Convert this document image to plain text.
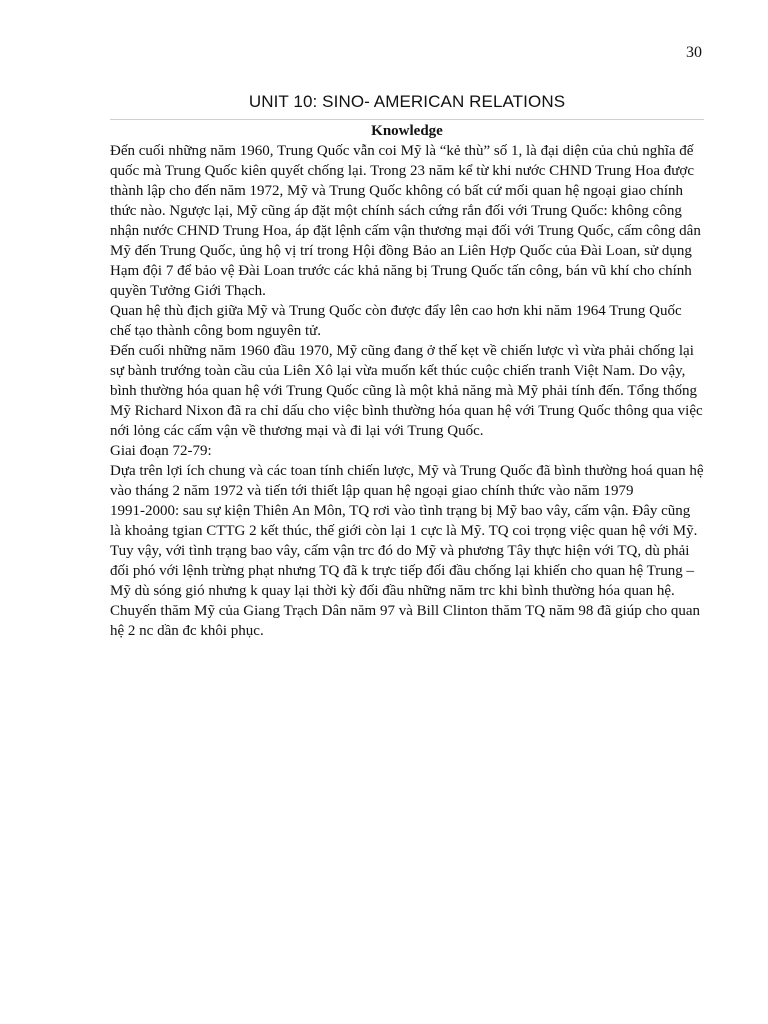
30
UNIT 10: SINO- AMERICAN RELATIONS

Knowledge

Đến cuối những năm 1960, Trung Quốc vẫn coi Mỹ là “kẻ thù” số 1, là đại diện của chủ nghĩa đế quốc mà Trung Quốc kiên quyết chống lại. Trong 23 năm kể từ khi nước CHND Trung Hoa được thành lập cho đến năm 1972, Mỹ và Trung Quốc không có bất cứ mối quan hệ ngoại giao chính thức nào. Ngược lại, Mỹ cũng áp đặt một chính sách cứng rắn đối với Trung Quốc: không công nhận nước CHND Trung Hoa, áp đặt lệnh cấm vận thương mại đối với Trung Quốc, cấm công dân Mỹ đến Trung Quốc, ủng hộ vị trí trong Hội đồng Bảo an Liên Hợp Quốc của Đài Loan, sử dụng Hạm đội 7 để bảo vệ Đài Loan trước các khả năng bị Trung Quốc tấn công, bán vũ khí cho chính quyền Tưởng Giới Thạch.

Quan hệ thù địch giữa Mỹ và Trung Quốc còn được đẩy lên cao hơn khi năm 1964 Trung Quốc chế tạo thành công bom nguyên tử.

Đến cuối những năm 1960 đầu 1970, Mỹ cũng đang ở thế kẹt về chiến lược vì vừa phải chống lại sự bành trướng toàn cầu của Liên Xô lại vừa muốn kết thúc cuộc chiến tranh Việt Nam. Do vậy, bình thường hóa quan hệ với Trung Quốc cũng là một khả năng mà Mỹ phải tính đến. Tổng thống Mỹ Richard Nixon đã ra chỉ dấu cho việc bình thường hóa quan hệ với Trung Quốc thông qua việc nới lỏng các cấm vận về thương mại và đi lại với Trung Quốc.

Giai đoạn 72-79:

Dựa trên lợi ích chung và các toan tính chiến lược, Mỹ và Trung Quốc đã bình thường hoá quan hệ vào tháng 2 năm 1972 và tiến tới thiết lập quan hệ ngoại giao chính thức vào năm 1979

1991-2000: sau sự kiện Thiên An Môn, TQ rơi vào tình trạng bị Mỹ bao vây, cấm vận. Đây cũng là khoảng tgian CTTG 2 kết thúc, thế giới còn lại 1 cực là Mỹ. TQ coi trọng việc quan hệ với Mỹ. Tuy vậy, với tình trạng bao vây, cấm vận trc đó do Mỹ và phương Tây thực hiện với TQ, dù phải đối phó với lệnh trừng phạt nhưng TQ đã k trực tiếp đối đầu chống lại khiến cho quan hệ Trung – Mỹ dù sóng gió nhưng k quay lại thời kỳ đối đầu những năm trc khi bình thường hóa quan hệ.

Chuyến thăm Mỹ của Giang Trạch Dân năm 97 và Bill Clinton thăm TQ năm 98 đã giúp cho quan hệ 2 nc dần đc khôi phục.
